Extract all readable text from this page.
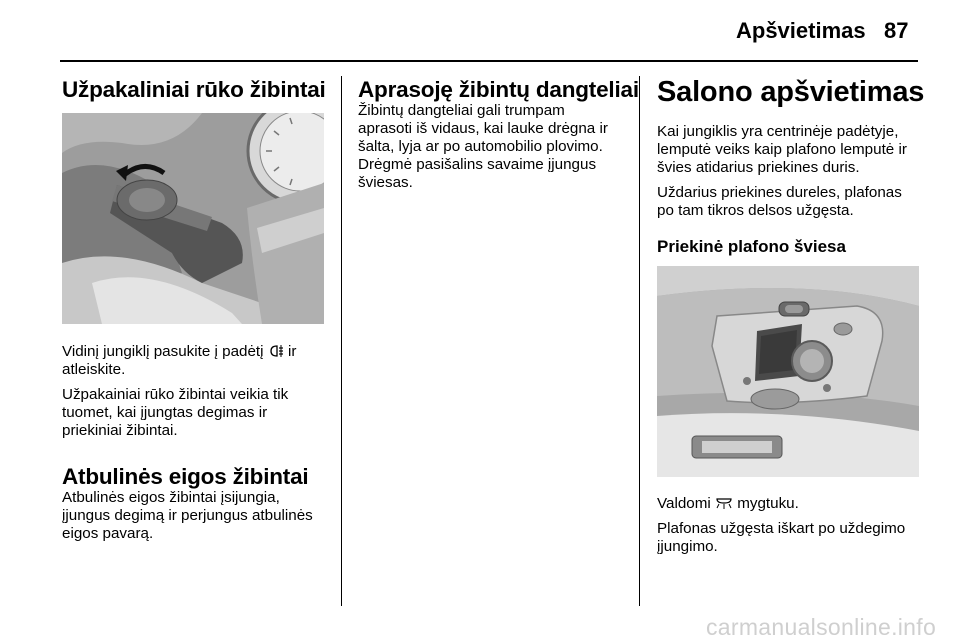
Apšvietimas 87
Užpakaliniai rūko žibintai

Vidinį jungiklį pasukite į padėtį ir atleiskite.

Užpakainiai rūko žibintai veikia tik tuomet, kai įjungtas degimas ir priekiniai žibintai.

Atbulinės eigos žibintai

Atbulinės eigos žibintai įsijungia, įjungus degimą ir perjungus atbulinės eigos pavarą.

Aprasoję žibintų dangteliai

Žibintų dangteliai gali trumpam aprasoti iš vidaus, kai lauke drėgna ir šalta, lyja ar po automobilio plovimo. Drėgmė pasišalins savaime įjungus šviesas.

Salono apšvietimas

Kai jungiklis yra centrinėje padėtyje, lemputė veiks kaip plafono lemputė ir švies atidarius priekines duris.

Uždarius priekines dureles, plafonas po tam tikros delsos užgęsta.

Priekinė plafono šviesa

Valdomi mygtuku.

Plafonas užgęsta iškart po uždegimo įjungimo.

carmanualsonline.info
